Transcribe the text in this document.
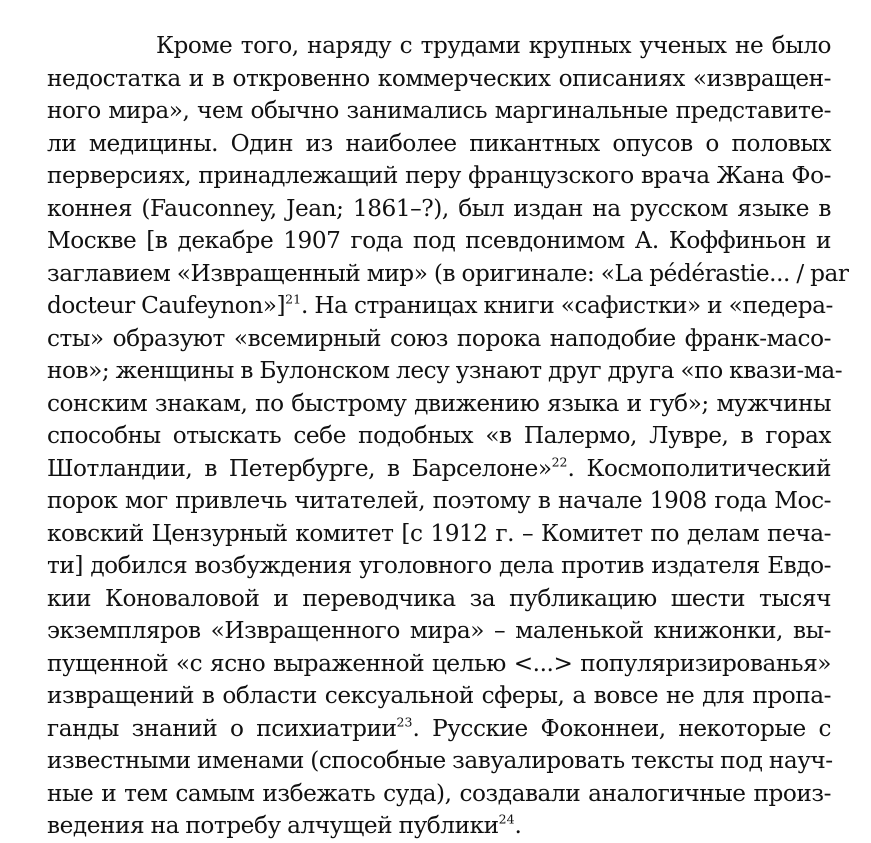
Кроме того, наряду с трудами крупных ученых не было
недостатка и в откровенно коммерческих описаниях «извращен-
ного мира», чем обычно занимались маргинальные представите-
ли медицины. Один из наиболее пикантных опусов о половых
перверсиях, принадлежащий перу французского врача Жана Фо-
коннея (Fauconney, Jean; 1861–?), был издан на русском языке в
Москве [в декабре 1907 года под псевдонимом А. Коффиньон и
заглавием «Извращенный мир» (в оригинале: «La pédérastie... / par
docteur Caufeynon»]$^{21}$. На страницах книги «сафистки» и «педера-
сты» образуют «всемирный союз порока наподобие франк-масо-
нов»; женщины в Булонском лесу узнают друг друга «по квази-ма-
сонским знакам, по быстрому движению языка и губ»; мужчины
способны отыскать себе подобных «в Палермо, Лувре, в горах
Шотландии, в Петербурге, в Барселоне»$^{22}$. Космополитический
порок мог привлечь читателей, поэтому в начале 1908 года Мос-
ковский Цензурный комитет [с 1912 г. – Комитет по делам печа-
ти] добился возбуждения уголовного дела против издателя Евдо-
кии Коноваловой и переводчика за публикацию шести тысяч
экземпляров «Извращенного мира» – маленькой книжонки, вы-
пущенной «с ясно выраженной целью <...> популяризированья»
извращений в области сексуальной сферы, а вовсе не для пропа-
ганды знаний о психиатрии$^{23}$. Русские Фоконнеи, некоторые с
известными именами (способные завуалировать тексты под науч-
ные и тем самым избежать суда), создавали аналогичные произ-
ведения на потребу алчущей публики$^{24}$.
